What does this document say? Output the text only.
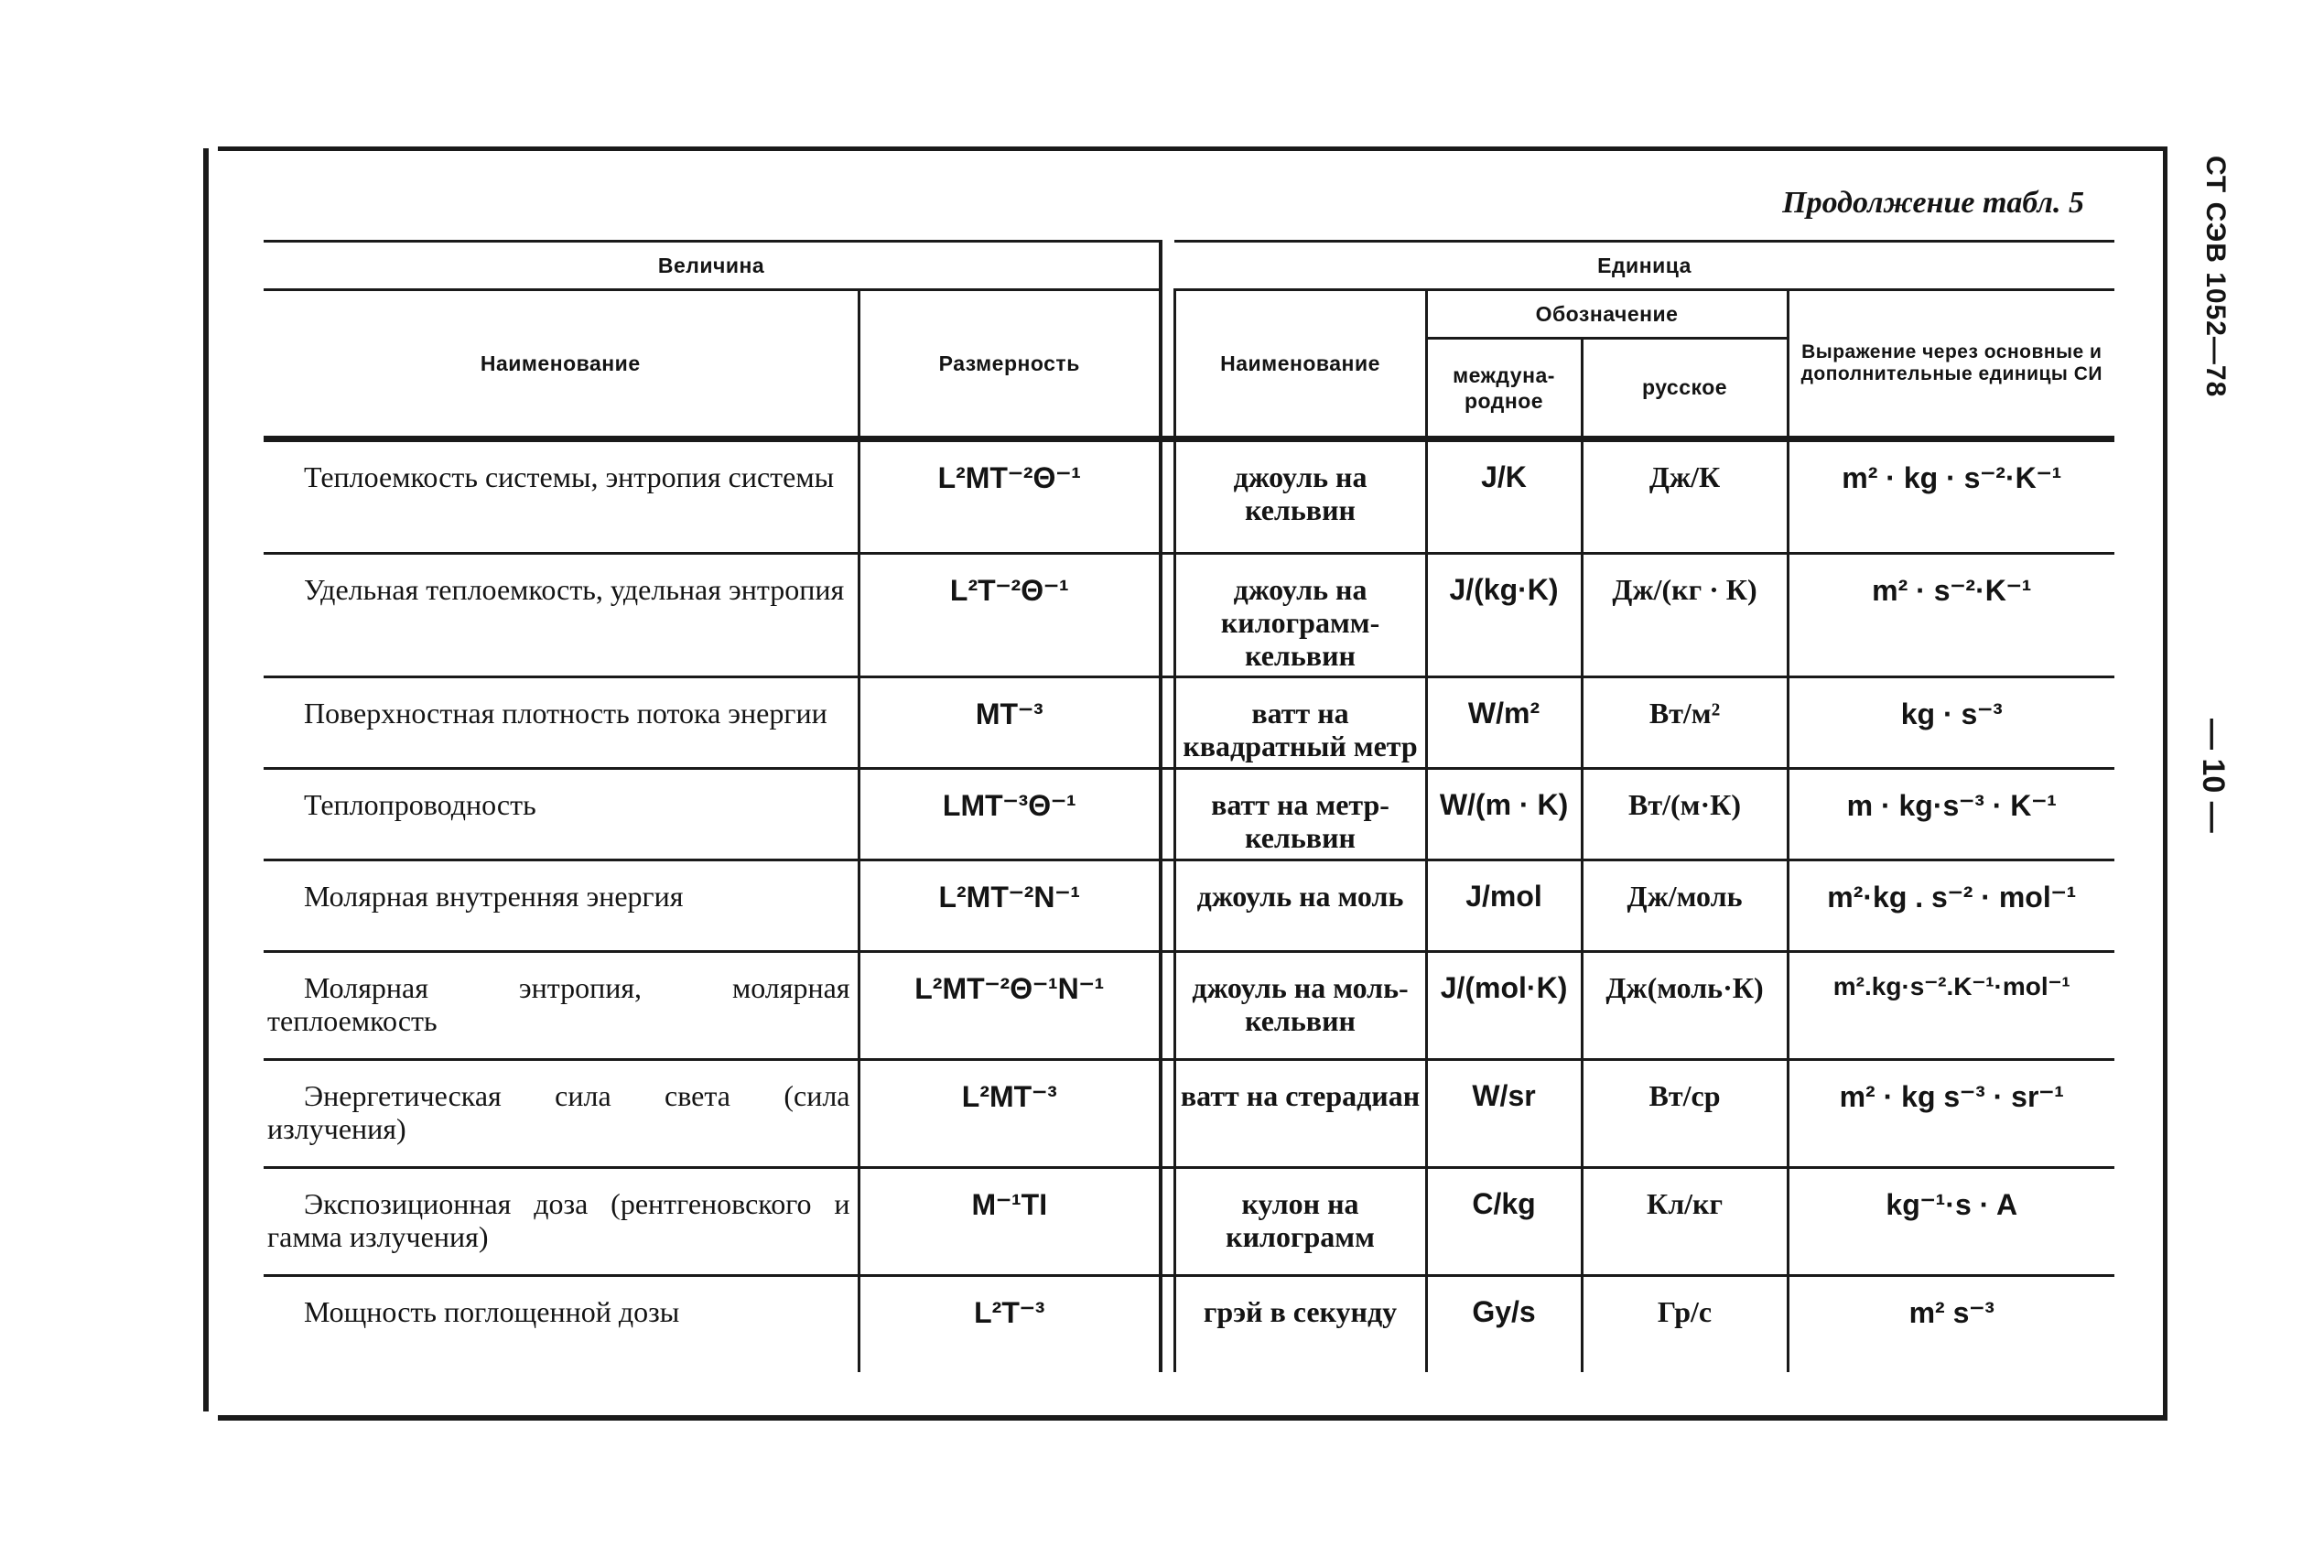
СТ СЭВ 1052—78
— 10 —
Продолжение табл. 5
Величина			Единица			
Наименование	Размерность		Наименование	Обозначение		Выражение через основные и дополнительные единицы СИ
				междуна-родное	русское	
Теплоемкость системы, энтропия системы	L²MT⁻²Θ⁻¹		джоуль на кельвин	J/K	Дж/К	m² · kg · s⁻²·K⁻¹
Удельная теплоемкость, удельная энтропия	L²T⁻²Θ⁻¹		джоуль на килограмм-кельвин	J/(kg·K)	Дж/(кг · К)	m² · s⁻²·K⁻¹
Поверхностная плотность потока энергии	MT⁻³		ватт на квадратный метр	W/m²	Вт/м²	kg · s⁻³
Теплопроводность	LMT⁻³Θ⁻¹		ватт на метр-кельвин	W/(m · K)	Вт/(м·К)	m · kg·s⁻³ · K⁻¹
Молярная внутренняя энергия	L²MT⁻²N⁻¹		джоуль на моль	J/mol	Дж/моль	m²·kg . s⁻² · mol⁻¹
Молярная энтропия, молярная теплоемкость	L²MT⁻²Θ⁻¹N⁻¹		джоуль на моль-кельвин	J/(mol·K)	Дж(моль·К)	m².kg·s⁻².K⁻¹·mol⁻¹
Энергетическая сила света (сила излучения)	L²MT⁻³		ватт на стерадиан	W/sr	Вт/ср	m² · kg s⁻³ · sr⁻¹
Экспозиционная доза (рентгеновского и гамма излучения)	M⁻¹TI		кулон на килограмм	C/kg	Кл/кг	kg⁻¹·s · A
Мощность поглощенной дозы	L²T⁻³		грэй в секунду	Gy/s	Гр/с	m² s⁻³
